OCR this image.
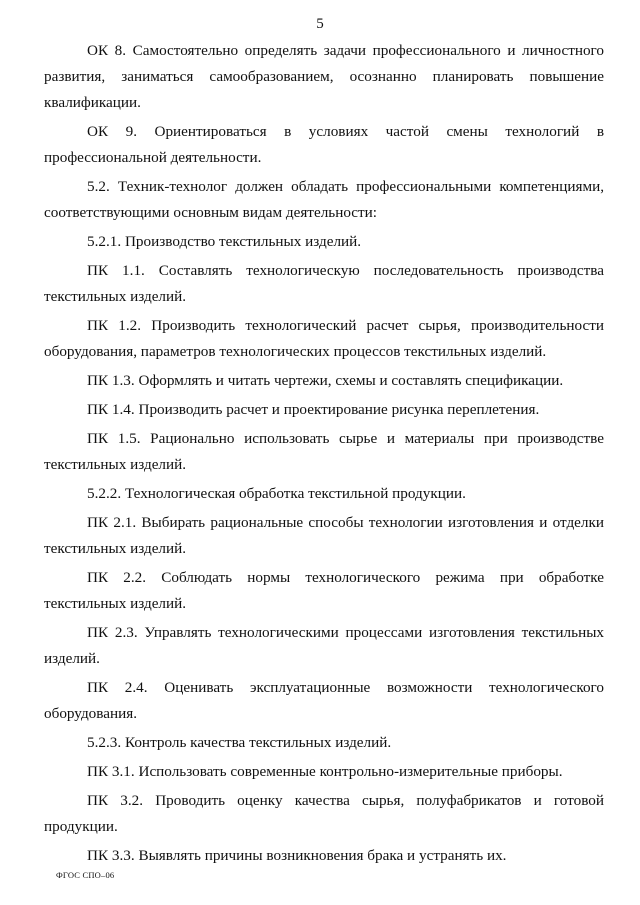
5

ОК 8. Самостоятельно определять задачи профессионального и личностного развития, заниматься самообразованием, осознанно планировать повышение квалификации.

ОК 9. Ориентироваться в условиях частой смены технологий в профессиональной деятельности.

5.2. Техник-технолог должен обладать профессиональными компетенциями, соответствующими основным видам деятельности:

5.2.1. Производство текстильных изделий.

ПК 1.1. Составлять технологическую последовательность производства текстильных изделий.

ПК 1.2. Производить технологический расчет сырья, производительности оборудования, параметров технологических процессов текстильных изделий.

ПК 1.3. Оформлять и читать чертежи, схемы и составлять спецификации.

ПК 1.4. Производить расчет и проектирование рисунка переплетения.

ПК 1.5. Рационально использовать сырье и материалы при производстве текстильных изделий.

5.2.2. Технологическая обработка текстильной продукции.

ПК 2.1. Выбирать рациональные способы технологии изготовления и отделки текстильных изделий.

ПК 2.2. Соблюдать нормы технологического режима при обработке текстильных изделий.

ПК 2.3. Управлять технологическими процессами изготовления текстильных изделий.

ПК 2.4. Оценивать эксплуатационные возможности технологического оборудования.

5.2.3. Контроль качества текстильных изделий.

ПК 3.1. Использовать современные контрольно-измерительные приборы.

ПК 3.2. Проводить оценку качества сырья, полуфабрикатов и готовой продукции.

ПК 3.3. Выявлять причины возникновения брака и устранять их.

ФГОС СПО–06
